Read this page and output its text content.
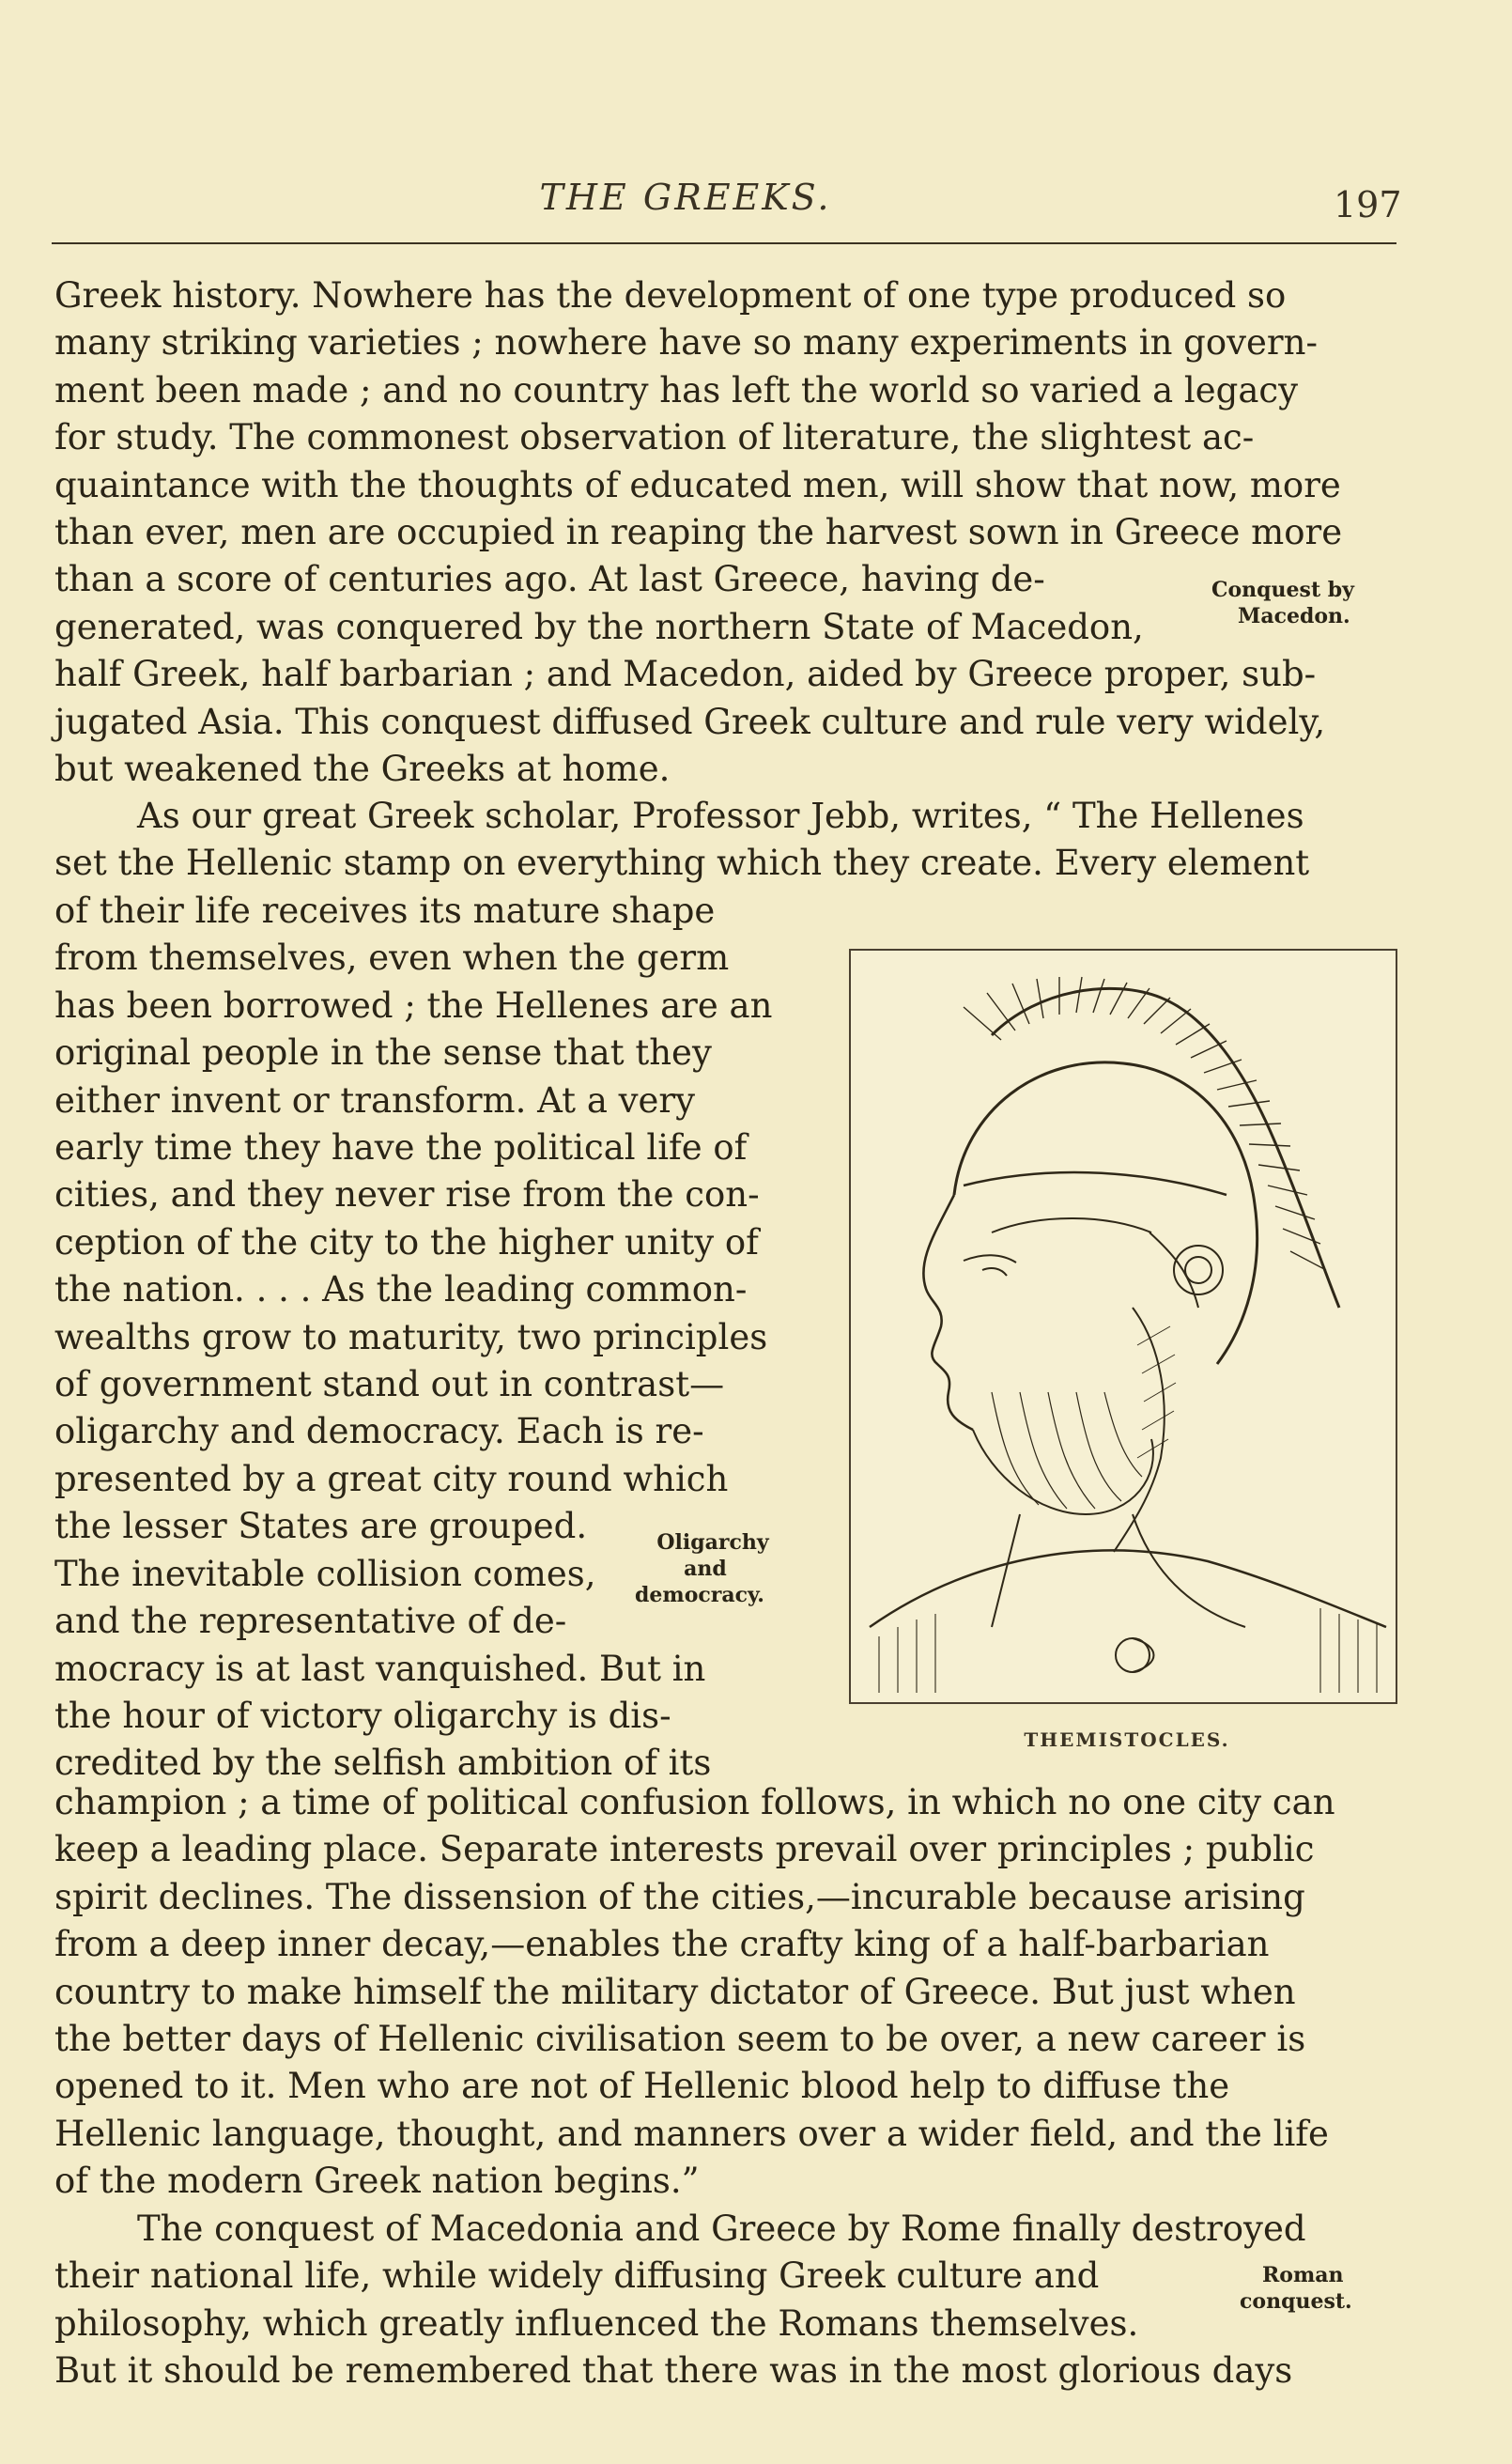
THE GREEKS.	197
Greek history. Nowhere has the development of one type produced so
many striking varieties ; nowhere have so many experiments in govern-
ment been made ; and no country has left the world so varied a legacy
for study. The commonest observation of literature, the slightest ac-
quaintance with the thoughts of educated men, will show that now, more
than ever, men are occupied in reaping the harvest sown in Greece more
than a score of centuries ago. At last Greece, having de-
generated, was conquered by the northern State of Macedon,
half Greek, half barbarian ; and Macedon, aided by Greece proper, sub-
jugated Asia. This conquest diffused Greek culture and rule very widely,
but weakened the Greeks at home.
Conquest by
Macedon.
As our great Greek scholar, Professor Jebb, writes, “ The Hellenes
set the Hellenic stamp on everything which they create. Every element
of their life receives its mature shape
from themselves, even when the germ
has been borrowed ; the Hellenes are an
original people in the sense that they
either invent or transform. At a very
early time they have the political life of
cities, and they never rise from the con-
ception of the city to the higher unity of
the nation. . . . As the leading common-
wealths grow to maturity, two principles
of government stand out in contrast—
oligarchy and democracy. Each is re-
presented by a great city round which
the lesser States are grouped.
The inevitable collision comes,
and the representative of de-
mocracy is at last vanquished. But in
the hour of victory oligarchy is dis-
credited by the selfish ambition of its
Oligarchy
and
democracy.
THEMISTOCLES.
champion ; a time of political confusion follows, in which no one city can
keep a leading place. Separate interests prevail over principles ; public
spirit declines. The dissension of the cities,—incurable because arising
from a deep inner decay,—enables the crafty king of a half-barbarian
country to make himself the military dictator of Greece. But just when
the better days of Hellenic civilisation seem to be over, a new career is
opened to it. Men who are not of Hellenic blood help to diffuse the
Hellenic language, thought, and manners over a wider field, and the life
of the modern Greek nation begins.”
The conquest of Macedonia and Greece by Rome finally destroyed
their national life, while widely diffusing Greek culture and
philosophy, which greatly influenced the Romans themselves.
But it should be remembered that there was in the most glorious days
Roman
conquest.
